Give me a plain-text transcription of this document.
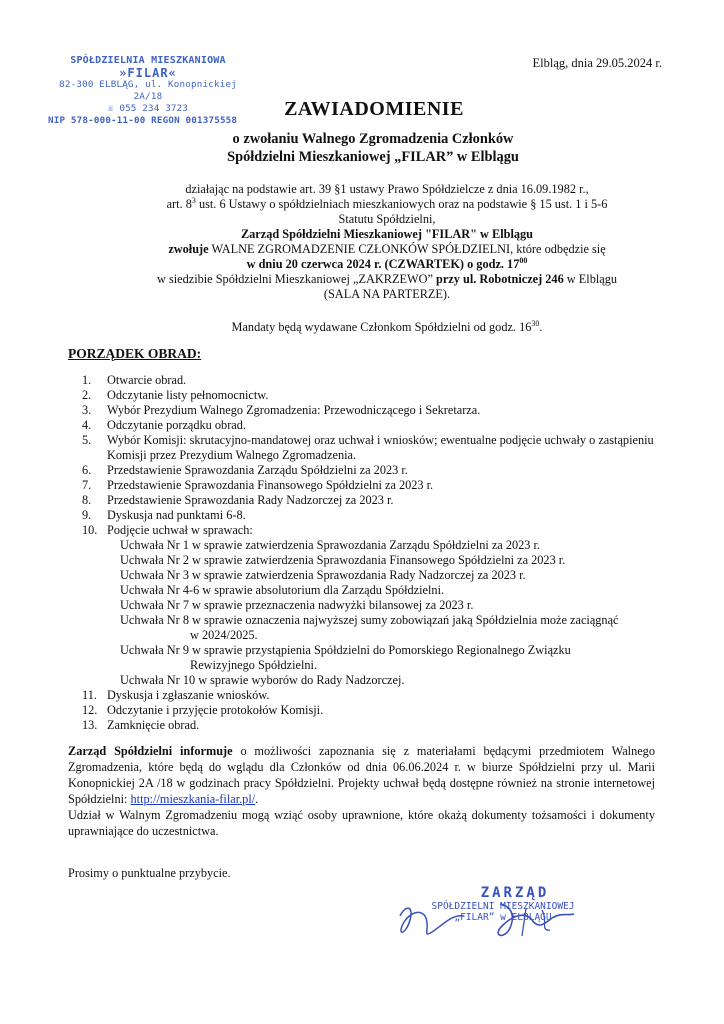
SPÓŁDZIELNIA MIESZKANIOWA
»FILAR«
82-300 ELBLĄG, ul. Konopnickiej 2A/18
☏ 055 234 3723
NIP 578-000-11-00 REGON 001375558
Elbląg, dnia 29.05.2024 r.
ZAWIADOMIENIE
o zwołaniu Walnego Zgromadzenia Członków
Spółdzielni Mieszkaniowej „FILAR” w Elblągu

działając na podstawie art. 39 §1 ustawy Prawo Spółdzielcze z dnia 16.09.1982 r.,

art. $8^3$ ust. 6 Ustawy o spółdzielniach mieszkaniowych oraz na podstawie § 15 ust. 1 i 5-6

Statutu Spółdzielni,

Zarząd Spółdzielni Mieszkaniowej "FILAR" w Elblągu

zwołuje WALNE ZGROMADZENIE CZŁONKÓW SPÓŁDZIELNI, które odbędzie się

w dniu 20 czerwca 2024 r. (CZWARTEK) o godz. $17^{00}$

w siedzibie Spółdzielni Mieszkaniowej „ZAKRZEWO” przy ul. Robotniczej 246 w Elblągu

(SALA NA PARTERZE).

Mandaty będą wydawane Członkom Spółdzielni od godz. $16^{30}$.
PORZĄDEK OBRAD:
1. Otwarcie obrad.
2. Odczytanie listy pełnomocnictw.
3. Wybór Prezydium Walnego Zgromadzenia: Przewodniczącego i Sekretarza.
4. Odczytanie porządku obrad.
5. Wybór Komisji: skrutacyjno-mandatowej oraz uchwał i wniosków; ewentualne podjęcie uchwały o zastąpieniu Komisji przez Prezydium Walnego Zgromadzenia.
6. Przedstawienie Sprawozdania Zarządu Spółdzielni za 2023 r.
7. Przedstawienie Sprawozdania Finansowego Spółdzielni za 2023 r.
8. Przedstawienie Sprawozdania Rady Nadzorczej za 2023 r.
9. Dyskusja nad punktami 6-8.
10. Podjęcie uchwał w sprawach:
Uchwała Nr 1 w sprawie zatwierdzenia Sprawozdania Zarządu Spółdzielni za 2023 r.
Uchwała Nr 2 w sprawie zatwierdzenia Sprawozdania Finansowego Spółdzielni za 2023 r.
Uchwała Nr 3 w sprawie zatwierdzenia Sprawozdania Rady Nadzorczej za 2023 r.
Uchwała Nr 4-6 w sprawie absolutorium dla Zarządu Spółdzielni.
Uchwała Nr 7 w sprawie przeznaczenia nadwyżki bilansowej za 2023 r.
Uchwała Nr 8 w sprawie oznaczenia najwyższej sumy zobowiązań jaką Spółdzielnia może zaciągnąć
w 2024/2025.
Uchwała Nr 9 w sprawie przystąpienia Spółdzielni do Pomorskiego Regionalnego Związku
Rewizyjnego Spółdzielni.
Uchwała Nr 10 w sprawie wyborów do Rady Nadzorczej.
11. Dyskusja i zgłaszanie wniosków.
12. Odczytanie i przyjęcie protokołów Komisji.
13. Zamknięcie obrad.

Zarząd Spółdzielni informuje o możliwości zapoznania się z materiałami będącymi przedmiotem Walnego Zgromadzenia, które będą do wglądu dla Członków od dnia 06.06.2024 r. w biurze Spółdzielni przy ul. Marii Konopnickiej 2A /18 w godzinach pracy Spółdzielni. Projekty uchwał będą dostępne również na stronie internetowej Spółdzielni: http://mieszkania-filar.pl/.

Udział w Walnym Zgromadzeniu mogą wziąć osoby uprawnione, które okażą dokumenty tożsamości i dokumenty uprawniające do uczestnictwa.

Prosimy o punktualne przybycie.
ZARZĄD
SPÓŁDZIELNI MIESZKANIOWEJ
„FILAR” w ELBLĄGU
